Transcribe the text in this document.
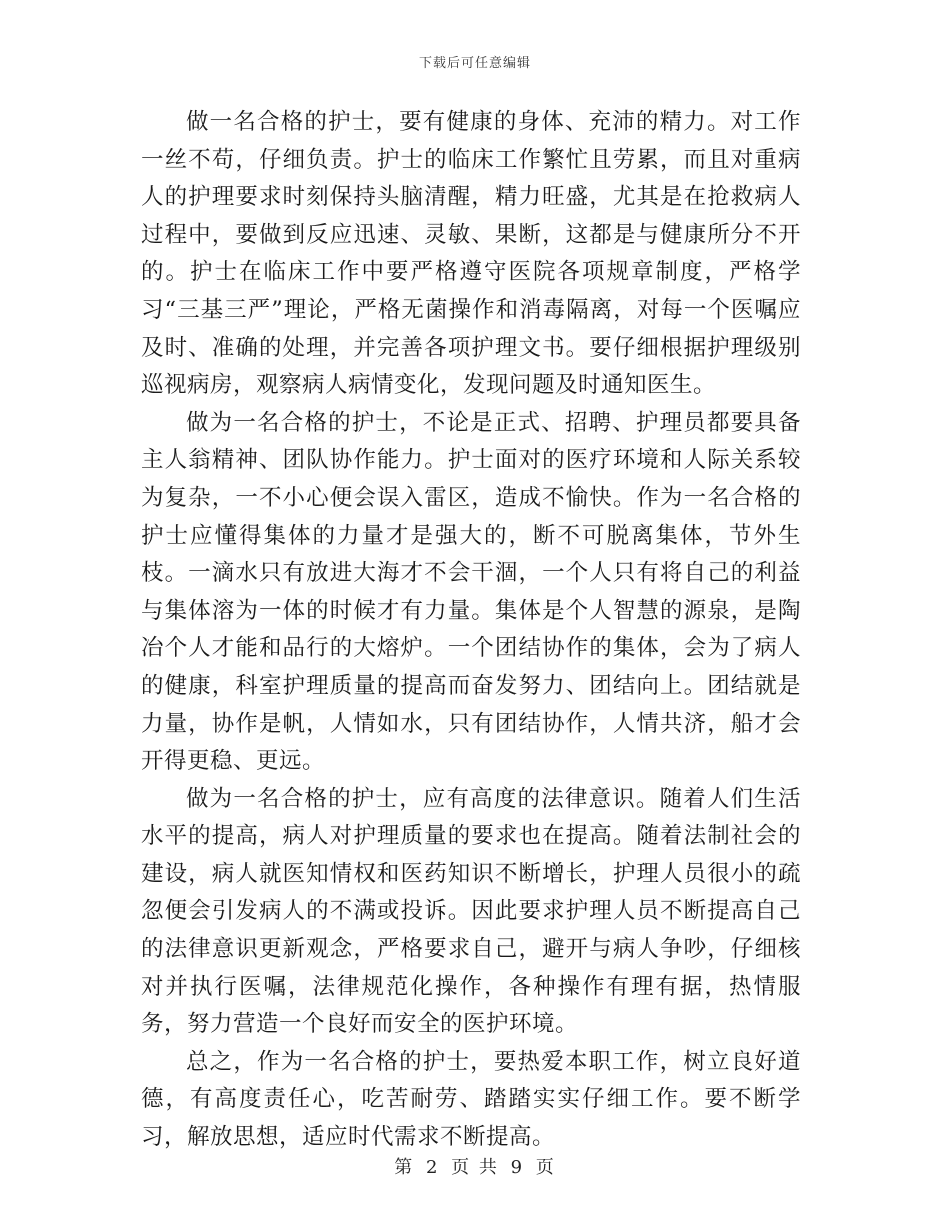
下载后可任意编辑

做一名合格的护士，要有健康的身体、充沛的精力。对工作一丝不苟，仔细负责。护士的临床工作繁忙且劳累，而且对重病人的护理要求时刻保持头脑清醒，精力旺盛，尤其是在抢救病人过程中，要做到反应迅速、灵敏、果断，这都是与健康所分不开的。护士在临床工作中要严格遵守医院各项规章制度，严格学习“三基三严”理论，严格无菌操作和消毒隔离，对每一个医嘱应及时、准确的处理，并完善各项护理文书。要仔细根据护理级别巡视病房，观察病人病情变化，发现问题及时通知医生。

做为一名合格的护士，不论是正式、招聘、护理员都要具备主人翁精神、团队协作能力。护士面对的医疗环境和人际关系较为复杂，一不小心便会误入雷区，造成不愉快。作为一名合格的护士应懂得集体的力量才是强大的，断不可脱离集体，节外生枝。一滴水只有放进大海才不会干涸，一个人只有将自己的利益与集体溶为一体的时候才有力量。集体是个人智慧的源泉，是陶冶个人才能和品行的大熔炉。一个团结协作的集体，会为了病人的健康，科室护理质量的提高而奋发努力、团结向上。团结就是力量，协作是帆，人情如水，只有团结协作，人情共济，船才会开得更稳、更远。

做为一名合格的护士，应有高度的法律意识。随着人们生活水平的提高，病人对护理质量的要求也在提高。随着法制社会的建设，病人就医知情权和医药知识不断增长，护理人员很小的疏忽便会引发病人的不满或投诉。因此要求护理人员不断提高自己的法律意识更新观念，严格要求自己，避开与病人争吵，仔细核对并执行医嘱，法律规范化操作，各种操作有理有据，热情服务，努力营造一个良好而安全的医护环境。

总之，作为一名合格的护士，要热爱本职工作，树立良好道德，有高度责任心，吃苦耐劳、踏踏实实仔细工作。要不断学习，解放思想，适应时代需求不断提高。

第 2 页 共 9 页
